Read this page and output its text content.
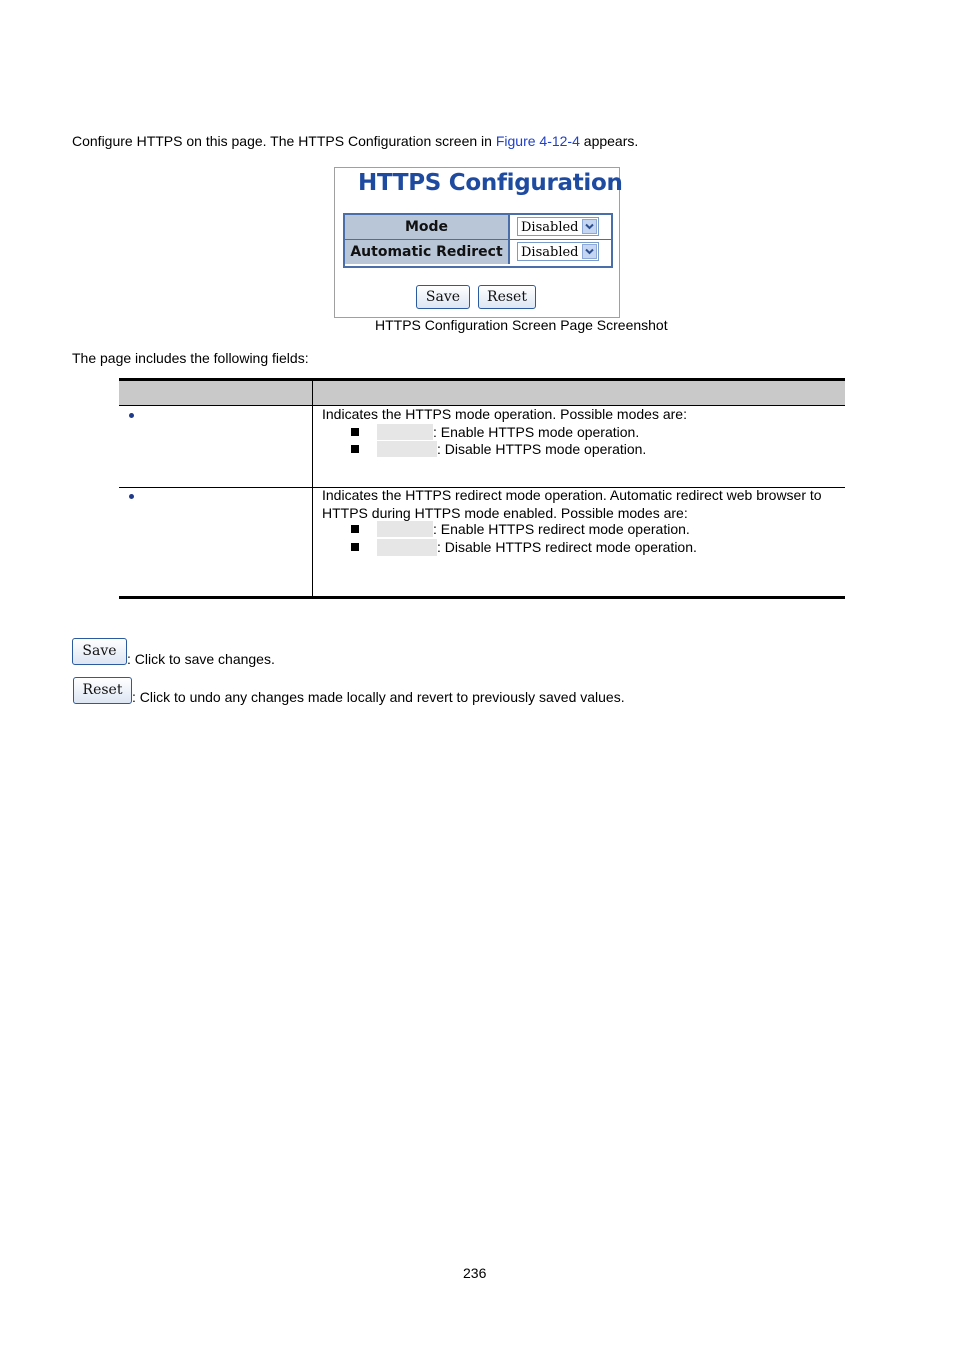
Configure HTTPS on this page. The HTTPS Configuration screen in Figure 4-12-4 appears.
HTTPS Configuration
Mode	Disabled
Automatic Redirect	Disabled
Save	Reset
HTTPS Configuration Screen Page Screenshot
The page includes the following fields:
Indicates the HTTPS mode operation. Possible modes are:
: Enable HTTPS mode operation.
: Disable HTTPS mode operation.
Indicates the HTTPS redirect mode operation. Automatic redirect web browser to HTTPS during HTTPS mode enabled. Possible modes are:
: Enable HTTPS redirect mode operation.
: Disable HTTPS redirect mode operation.
Save : Click to save changes.
Reset : Click to undo any changes made locally and revert to previously saved values.
236
